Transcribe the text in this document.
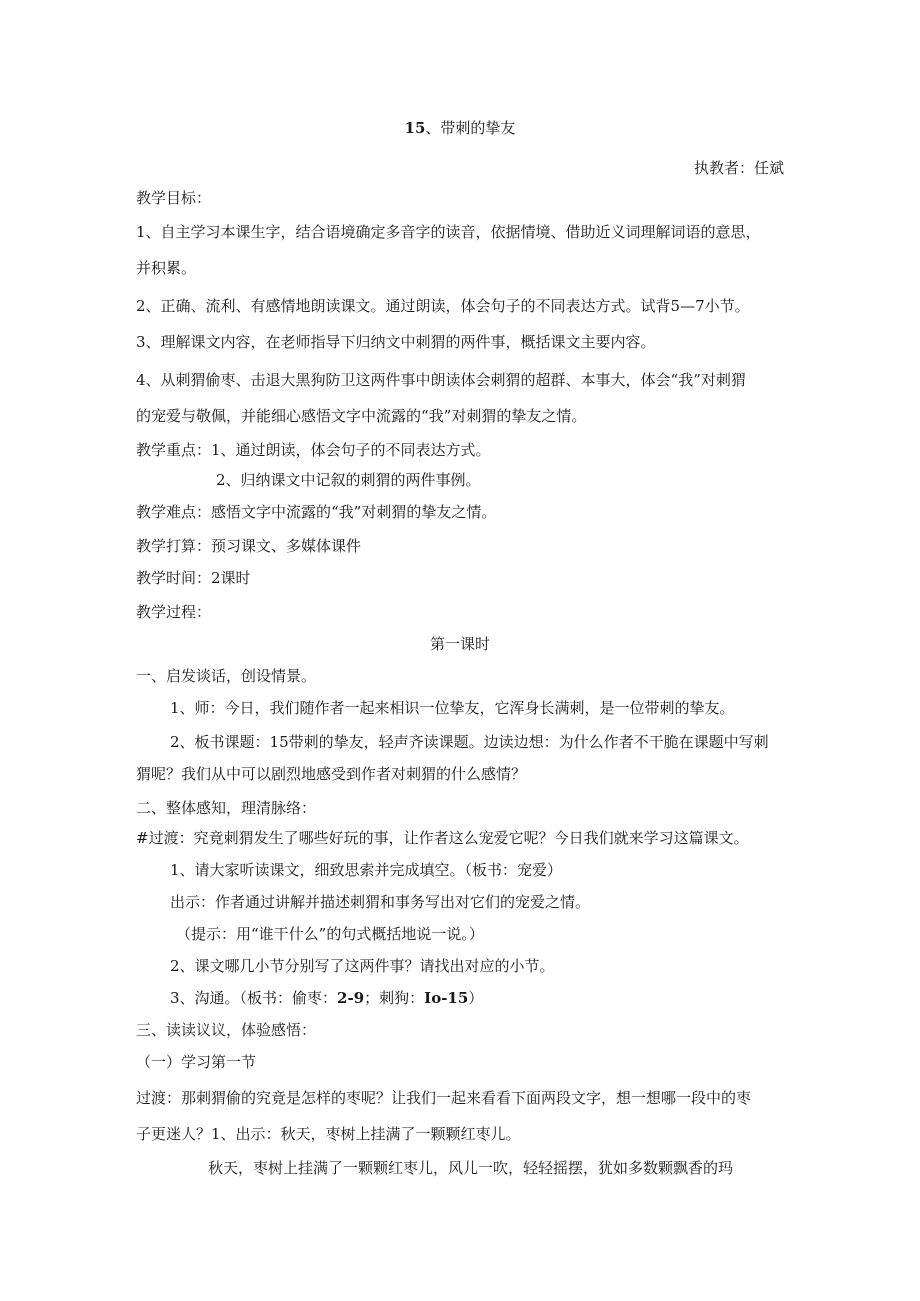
15、带刺的挚友
执教者：任斌
教学目标：
1、自主学习本课生字，结合语境确定多音字的读音，依据情境、借助近义词理解词语的意思，
并积累。
2、正确、流利、有感情地朗读课文。通过朗读，体会句子的不同表达方式。试背5—7小节。
3、理解课文内容，在老师指导下归纳文中刺猬的两件事，概括课文主要内容。
4、从刺猬偷枣、击退大黑狗防卫这两件事中朗读体会刺猬的超群、本事大，体会“我”对刺猬
的宠爱与敬佩，并能细心感悟文字中流露的“我”对刺猬的挚友之情。
教学重点：1、通过朗读，体会句子的不同表达方式。
2、归纳课文中记叙的刺猬的两件事例。
教学难点：感悟文字中流露的“我”对刺猬的挚友之情。
教学打算：预习课文、多媒体课件
教学时间：2课时
教学过程：
第一课时
一、启发谈话，创设情景。
1、师：今日，我们随作者一起来相识一位挚友，它浑身长满刺，是一位带刺的挚友。
2、板书课题：15带刺的挚友，轻声齐读课题。边读边想：为什么作者不干脆在课题中写刺
猬呢？我们从中可以剧烈地感受到作者对刺猬的什么感情？
二、整体感知，理清脉络：
#过渡：究竟刺猬发生了哪些好玩的事，让作者这么宠爱它呢？今日我们就来学习这篇课文。
1、请大家听读课文，细致思索并完成填空。（板书：宠爱）
出示：作者通过讲解并描述刺猬和事务写出对它们的宠爱之情。
（提示：用“谁干什么”的句式概括地说一说。）
2、课文哪几小节分别写了这两件事？请找出对应的小节。
3、沟通。（板书：偷枣：2-9；刺狗：Io-15）
三、读读议议，体验感悟：
（一）学习第一节
过渡：那刺猬偷的究竟是怎样的枣呢？让我们一起来看看下面两段文字，想一想哪一段中的枣
子更迷人？1、出示：秋天，枣树上挂满了一颗颗红枣儿。
秋天，枣树上挂满了一颗颗红枣儿，风儿一吹，轻轻摇摆，犹如多数颗飘香的玛
